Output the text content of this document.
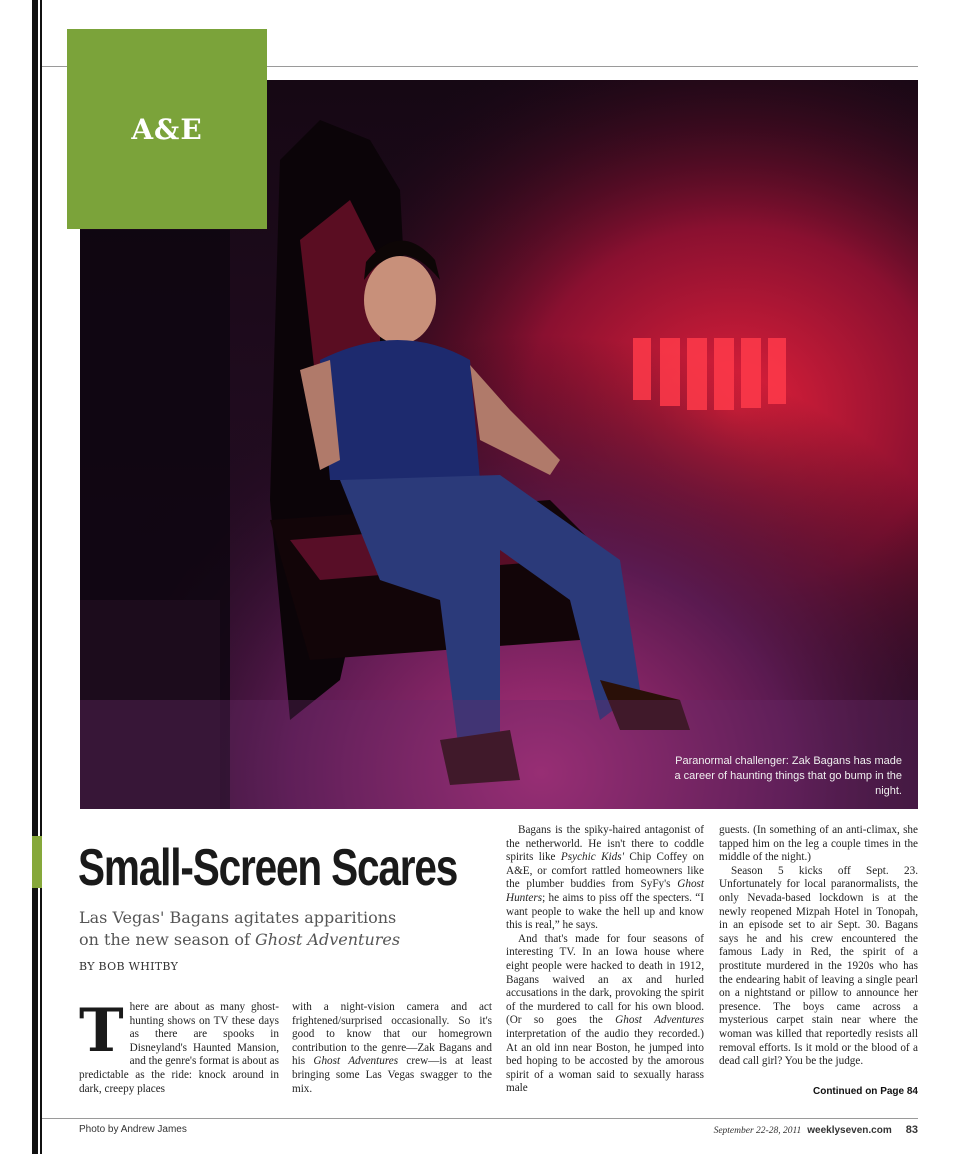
Paranormal challenger: Zak Bagans has made a career of haunting things that go bump in the night.
A&E
Small-Screen Scares
Las Vegas' Bagans agitates apparitions on the new season of Ghost Adventures
BY BOB WHITBY
There are about as many ghost-hunting shows on TV these days as there are spooks in Disneyland's Haunted Mansion, and the genre's format is about as predictable as the ride: knock around in dark, creepy places
with a night-vision camera and act frightened/surprised occasionally. So it's good to know that our homegrown contribution to the genre—Zak Bagans and his Ghost Adventures crew—is at least bringing some Las Vegas swagger to the mix.

Bagans is the spiky-haired antagonist of the netherworld. He isn't there to coddle spirits like Psychic Kids' Chip Coffey on A&E, or comfort rattled homeowners like the plumber buddies from SyFy's Ghost Hunters; he aims to piss off the specters. “I want people to wake the hell up and know this is real,” he says.

And that's made for four seasons of interesting TV. In an Iowa house where eight people were hacked to death in 1912, Bagans waived an ax and hurled accusations in the dark, provoking the spirit of the murdered to call for his own blood. (Or so goes the Ghost Adventures interpretation of the audio they recorded.) At an old inn near Boston, he jumped into bed hoping to be accosted by the amorous spirit of a woman said to sexually harass male

guests. (In something of an anti-climax, she tapped him on the leg a couple times in the middle of the night.)

Season 5 kicks off Sept. 23. Unfortunately for local paranormalists, the only Nevada-based lockdown is at the newly reopened Mizpah Hotel in Tonopah, in an episode set to air Sept. 30. Bagans says he and his crew encountered the famous Lady in Red, the spirit of a prostitute murdered in the 1920s who has the endearing habit of leaving a single pearl on a nightstand or pillow to announce her presence. The boys came across a mysterious carpet stain near where the woman was killed that reportedly resists all removal efforts. Is it mold or the blood of a dead call girl? You be the judge.

Continued on Page 84
Photo by Andrew James	September 22-28, 2011 weeklyseven.com 83
